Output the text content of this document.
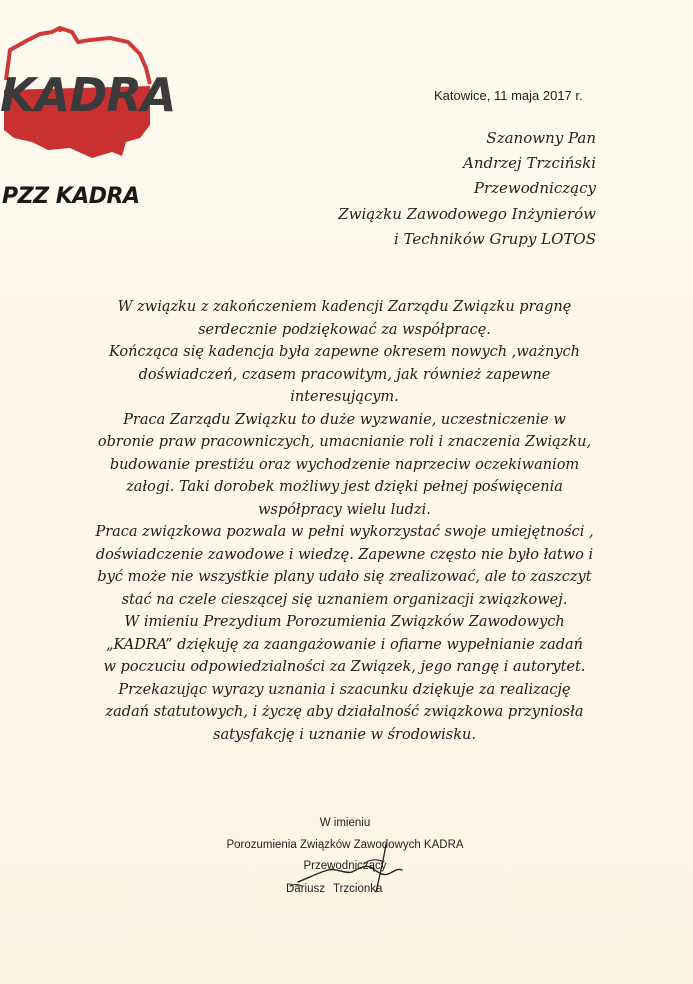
KADRA
PZZ KADRA
Katowice, 11 maja 2017 r.
Szanowny Pan
Andrzej Trzciński
Przewodniczący
Związku Zawodowego Inżynierów
i Techników Grupy LOTOS
W związku z zakończeniem kadencji Zarządu Związku pragnę
serdecznie podziękować za współpracę.
Kończąca się kadencja była zapewne okresem nowych ,ważnych
doświadczeń, czasem pracowitym, jak również zapewne
interesującym.
Praca Zarządu Związku to duże wyzwanie, uczestniczenie w
obronie praw pracowniczych, umacnianie roli i znaczenia Związku,
budowanie prestiżu oraz wychodzenie naprzeciw oczekiwaniom
załogi. Taki dorobek możliwy jest dzięki pełnej poświęcenia
współpracy wielu ludzi.
Praca związkowa pozwala w pełni wykorzystać swoje umiejętności ,
doświadczenie zawodowe i wiedzę. Zapewne często nie było łatwo i
być może nie wszystkie plany udało się zrealizować, ale to zaszczyt
stać na czele cieszącej się uznaniem organizacji związkowej.
W imieniu Prezydium Porozumienia Związków Zawodowych
„KADRA” dziękuję za zaangażowanie i ofiarne wypełnianie zadań
w poczuciu odpowiedzialności za Związek, jego rangę i autorytet.
Przekazując wyrazy uznania i szacunku dziękuje za realizację
zadań statutowych, i życzę aby działalność związkowa przyniosła
satysfakcję i uznanie w środowisku.
W imieniu
Porozumienia Związków Zawodowych KADRA
Przewodniczący
Dariusz Trzcionka
